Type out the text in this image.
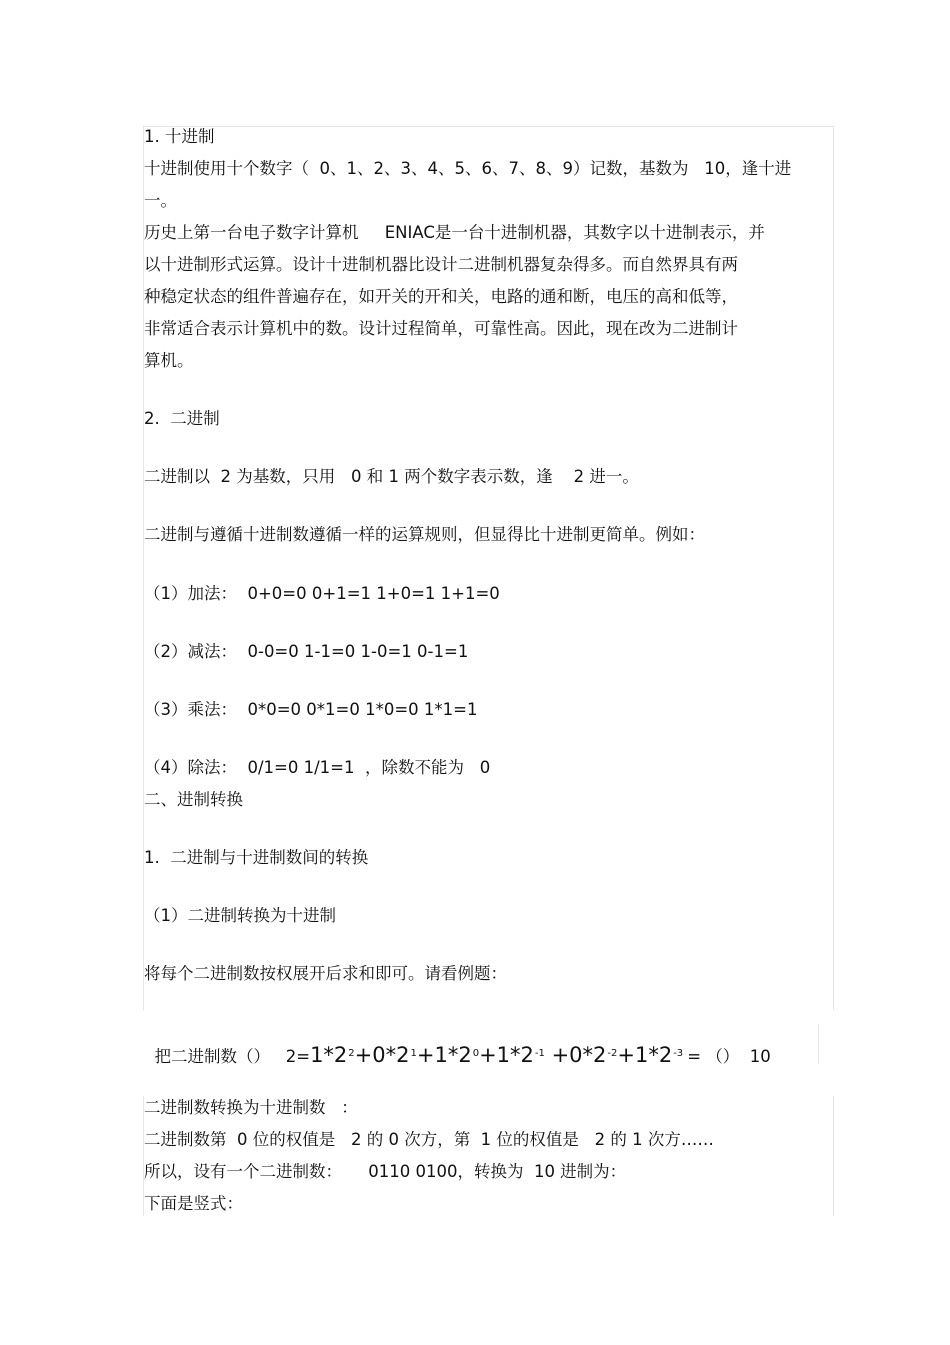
1. 十进制
十进制使用十个数字（  0、1、2、3、4、5、6、7、8、9）记数，基数为   10，逢十进
一。
历史上第一台电子数字计算机     ENIAC是一台十进制机器，其数字以十进制表示，并
以十进制形式运算。设计十进制机器比设计二进制机器复杂得多。而自然界具有两
种稳定状态的组件普遍存在，如开关的开和关，电路的通和断，电压的高和低等，
非常适合表示计算机中的数。设计过程简单，可靠性高。因此，现在改为二进制计
算机。
2.  二进制
二进制以  2 为基数，只用   0 和 1 两个数字表示数，逢    2 进一。
二进制与遵循十进制数遵循一样的运算规则，但显得比十进制更简单。例如：
（1）加法：  0+0=0 0+1=1 1+0=1 1+1=0
（2）减法：  0-0=0 1-1=0 1-0=1 0-1=1
（3）乘法：  0*0=0 0*1=0 1*0=0 1*1=1
（4）除法：  0/1=0 1/1=1  ，除数不能为   0
二、进制转换
1.  二进制与十进制数间的转换
（1）二进制转换为十进制
将每个二进制数按权展开后求和即可。请看例题：

把二进制数（）   $2=1*2^2+0*2^1+1*2^0+1*2^{-1} +0*2^{-2}+1*2^{-3}$ = （）  10

二进制数转换为十进制数   ：
二进制数第  0 位的权值是   2 的 0 次方，第  1 位的权值是   2 的 1 次方……
所以，设有一个二进制数：     0110 0100，转换为  10 进制为：
下面是竖式：
